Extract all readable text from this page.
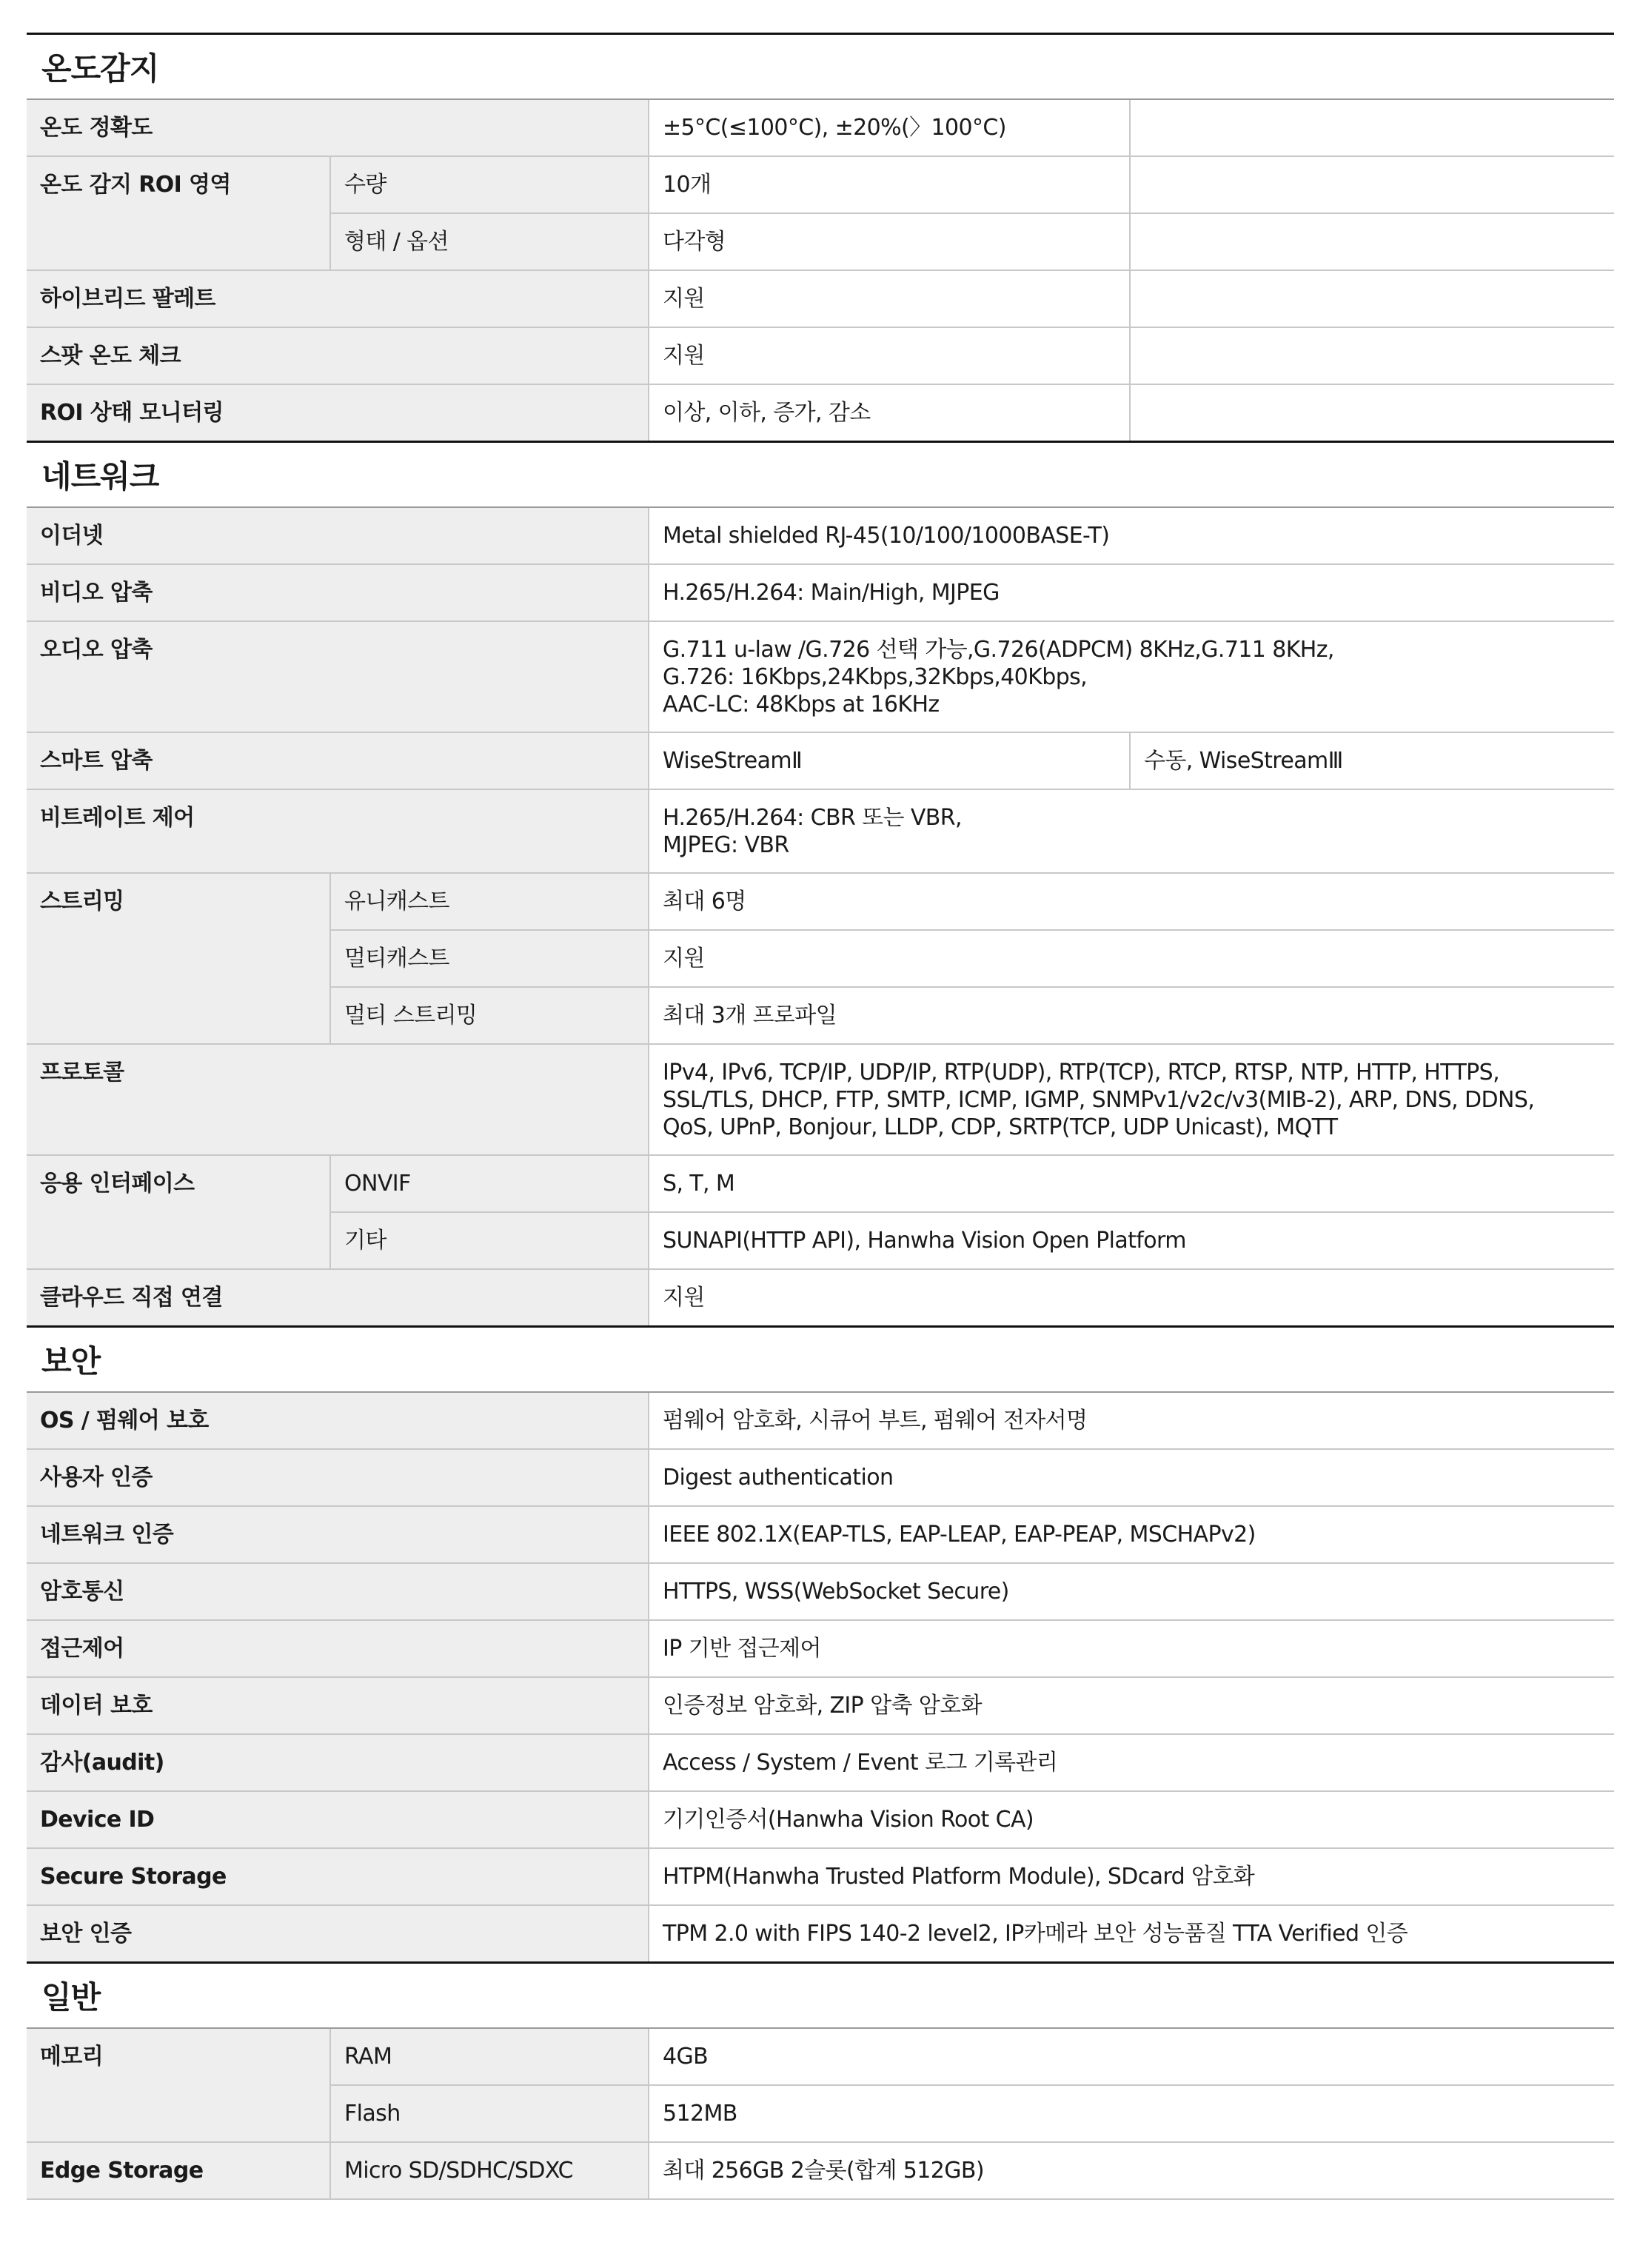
온도감지
온도 정확도		±5°C(≤100°C), ±20%(〉100°C)	
온도 감지 ROI 영역	수량	10개	
	형태 / 옵션	다각형	
하이브리드 팔레트		지원	
스팟 온도 체크		지원	
ROI 상태 모니터링		이상, 이하, 증가, 감소	
네트워크
이더넷		Metal shielded RJ-45(10/100/1000BASE-T)	
비디오 압축		H.265/H.264: Main/High, MJPEG	
오디오 압축		G.711 u-law /G.726 선택 가능,G.726(ADPCM) 8KHz,G.711 8KHz,
G.726: 16Kbps,24Kbps,32Kbps,40Kbps,
AAC-LC: 48Kbps at 16KHz	
스마트 압축		WiseStreamⅡ	수동, WiseStreamⅢ
비트레이트 제어		H.265/H.264: CBR 또는 VBR,
MJPEG: VBR	
스트리밍	유니캐스트	최대 6명	
	멀티캐스트	지원	
	멀티 스트리밍	최대 3개 프로파일	
프로토콜		IPv4, IPv6, TCP/IP, UDP/IP, RTP(UDP), RTP(TCP), RTCP, RTSP, NTP, HTTP, HTTPS,
SSL/TLS, DHCP, FTP, SMTP, ICMP, IGMP, SNMPv1/v2c/v3(MIB-2), ARP, DNS, DDNS,
QoS, UPnP, Bonjour, LLDP, CDP, SRTP(TCP, UDP Unicast), MQTT	
응용 인터페이스	ONVIF	S, T, M	
	기타	SUNAPI(HTTP API), Hanwha Vision Open Platform	
클라우드 직접 연결		지원	
보안
OS / 펌웨어 보호	펌웨어 암호화, 시큐어 부트, 펌웨어 전자서명
사용자 인증	Digest authentication
네트워크 인증	IEEE 802.1X(EAP-TLS, EAP-LEAP, EAP-PEAP, MSCHAPv2)
암호통신	HTTPS, WSS(WebSocket Secure)
접근제어	IP 기반 접근제어
데이터 보호	인증정보 암호화, ZIP 압축 암호화
감사(audit)	Access / System / Event 로그 기록관리
Device ID	기기인증서(Hanwha Vision Root CA)
Secure Storage	HTPM(Hanwha Trusted Platform Module), SDcard 암호화
보안 인증	TPM 2.0 with FIPS 140-2 level2, IP카메라 보안 성능품질 TTA Verified 인증
일반
메모리	RAM	4GB
	Flash	512MB
Edge Storage	Micro SD/SDHC/SDXC	최대 256GB 2슬롯(합계 512GB)
